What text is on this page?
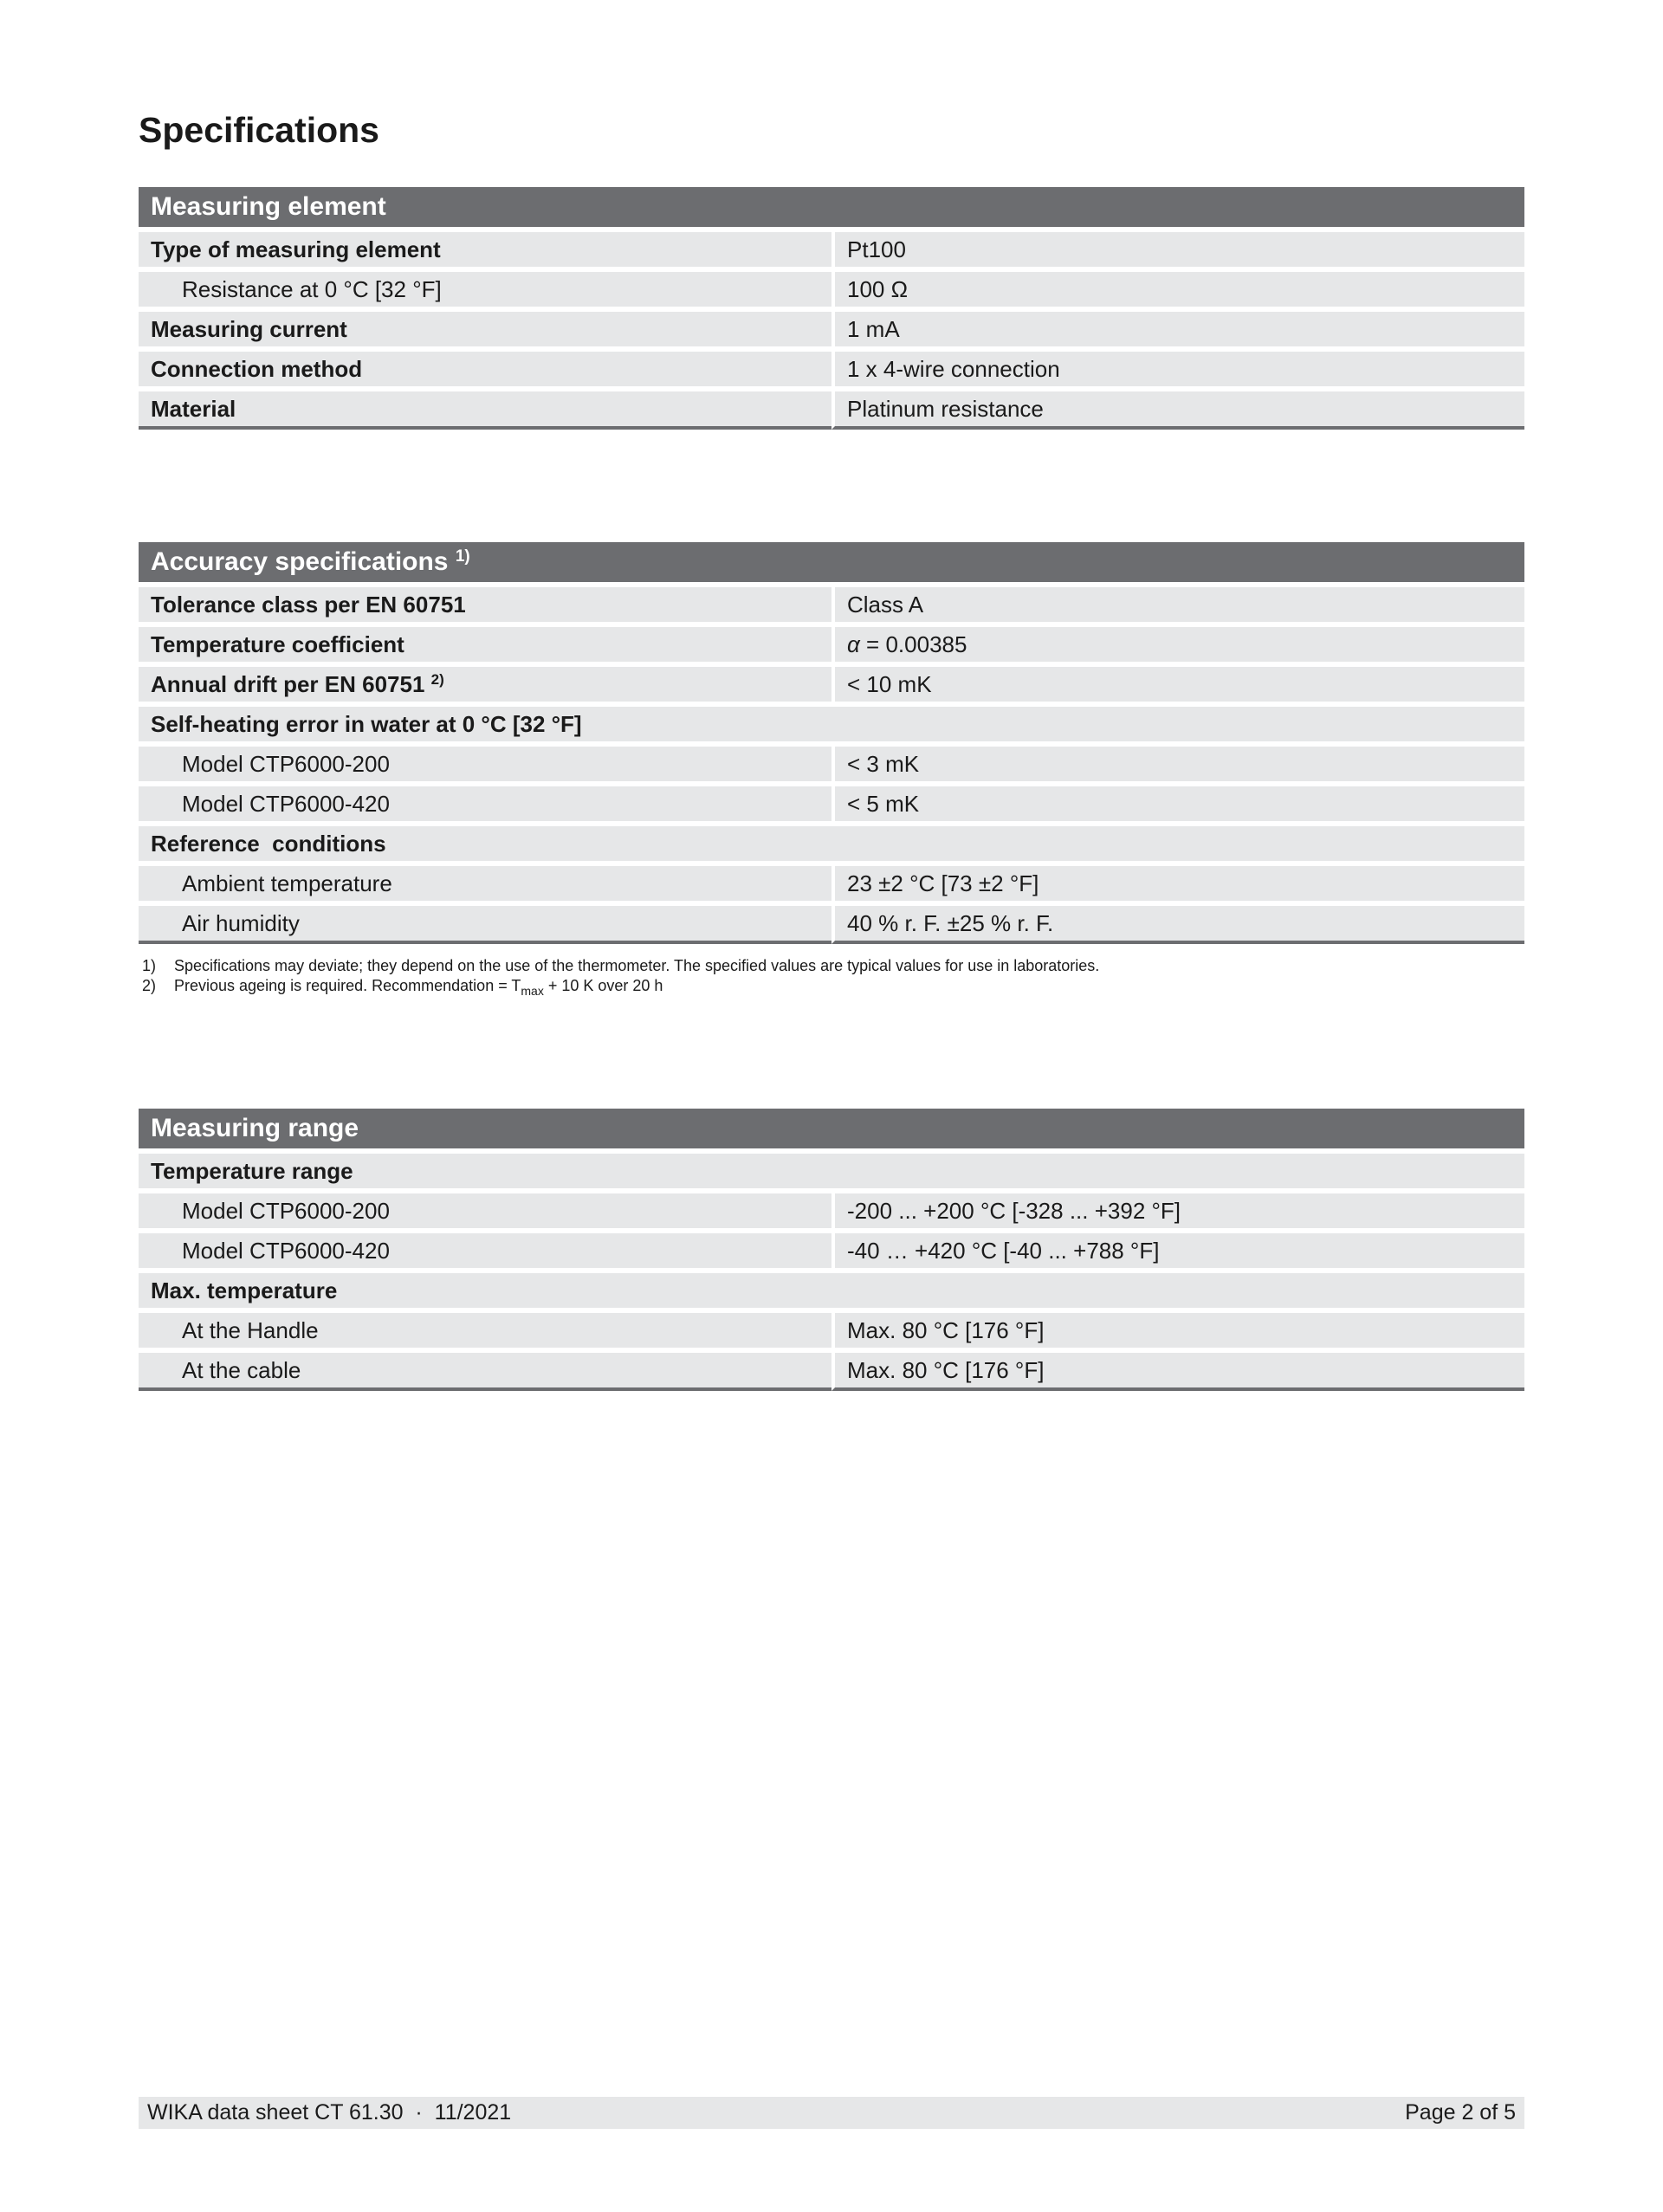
Specifications
Measuring element	
Type of measuring element	Pt100
Resistance at 0 °C [32 °F]	100 Ω
Measuring current	1 mA
Connection method	1 x 4-wire connection
Material	Platinum resistance
Accuracy specifications $^{1)}$
Tolerance class per EN 60751	Class A
Temperature coefficient	α = 0.00385
Annual drift per EN 60751 $^{2)}$	< 10 mK
Self-heating error in water at 0 °C [32 °F]	
Model CTP6000-200	< 3 mK
Model CTP6000-420	< 5 mK
Reference  conditions	
Ambient temperature	23 ±2 °C [73 ±2 °F]
Air humidity	40 % r. F. ±25 % r. F.
1)	Specifications may deviate; they depend on the use of the thermometer. The specified values are typical values for use in laboratories.
2)	Previous ageing is required. Recommendation = $T_{max} + 10$ K over 20 h
Measuring range	
Temperature range	
Model CTP6000-200	-200 ... +200 °C [-328 ... +392 °F]
Model CTP6000-420	-40 … +420 °C [-40 ... +788 °F]
Max. temperature	
At the Handle	Max. 80 °C [176 °F]
At the cable	Max. 80 °C [176 °F]
WIKA data sheet CT 61.30  ·  11/2021	Page 2 of 5
